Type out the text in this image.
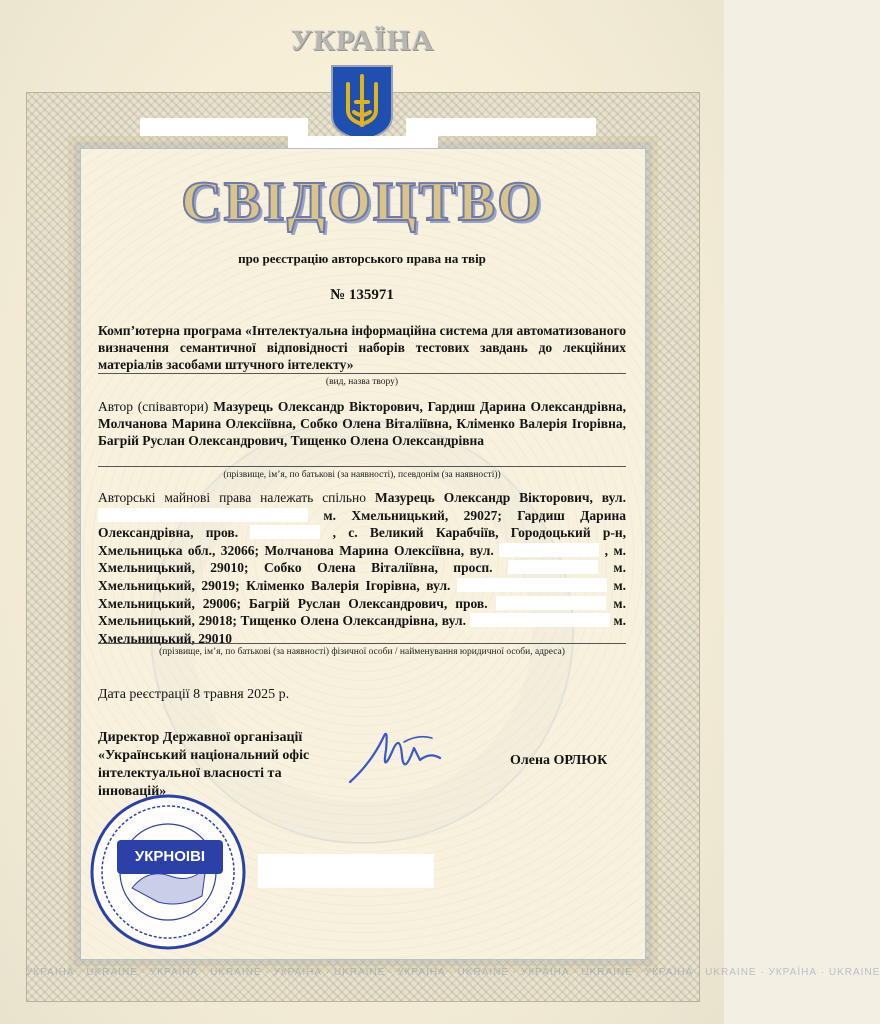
УКРАЇНА · UKRAINE · УКРАЇНА · UKRAINE · УКРАЇНА · UKRAINE · УКРАЇНА · UKRAINE · УКРАЇНА · UKRAINE · УКРАЇНА · UKRAINE · УКРАЇНА · UKRAINE
УКРАЇНА
СВІДОЦТВО
про реєстрацію авторського права на твір
№ 135971
Комп’ютерна програма «Інтелектуальна інформаційна система для автоматизованого визначення семантичної відповідності наборів тестових завдань до лекційних матеріалів засобами штучного інтелекту»
(вид, назва твору)
Автор (співавтори) Мазурець Олександр Вікторович, Гардиш Дарина Олександрівна, Молчанова Марина Олексіївна, Собко Олена Віталіївна, Кліменко Валерія Ігорівна, Багрій Руслан Олександрович, Тищенко Олена Олександрівна
(прізвище, ім’я, по батькові (за наявності), псевдонім (за наявності))
Авторські майнові права належать спільно Мазурець Олександр Вікторович, вул.  м. Хмельницький, 29027; Гардиш Дарина Олександрівна, пров.	, с. Великий Карабчіїв, Городоцький р-н, Хмельницька обл., 32066; Молчанова Марина Олексіївна, вул.	, м. Хмельницький, 29010; Собко Олена Віталіївна, просп.	м. Хмельницький, 29019; Кліменко Валерія Ігорівна, вул.	м. Хмельницький, 29006; Багрій Руслан Олександрович, пров.	м. Хмельницький, 29018; Тищенко Олена Олександрівна, вул.	м. Хмельницький, 29010
(прізвище, ім’я, по батькові (за наявності) фізичної особи / найменування юридичної особи, адреса)
Дата реєстрації 8 травня 2025 р.
Директор Державної організації «Український національний офіс інтелектуальної власності та інновацій»
Олена ОРЛЮК
УКРНОІВІ
